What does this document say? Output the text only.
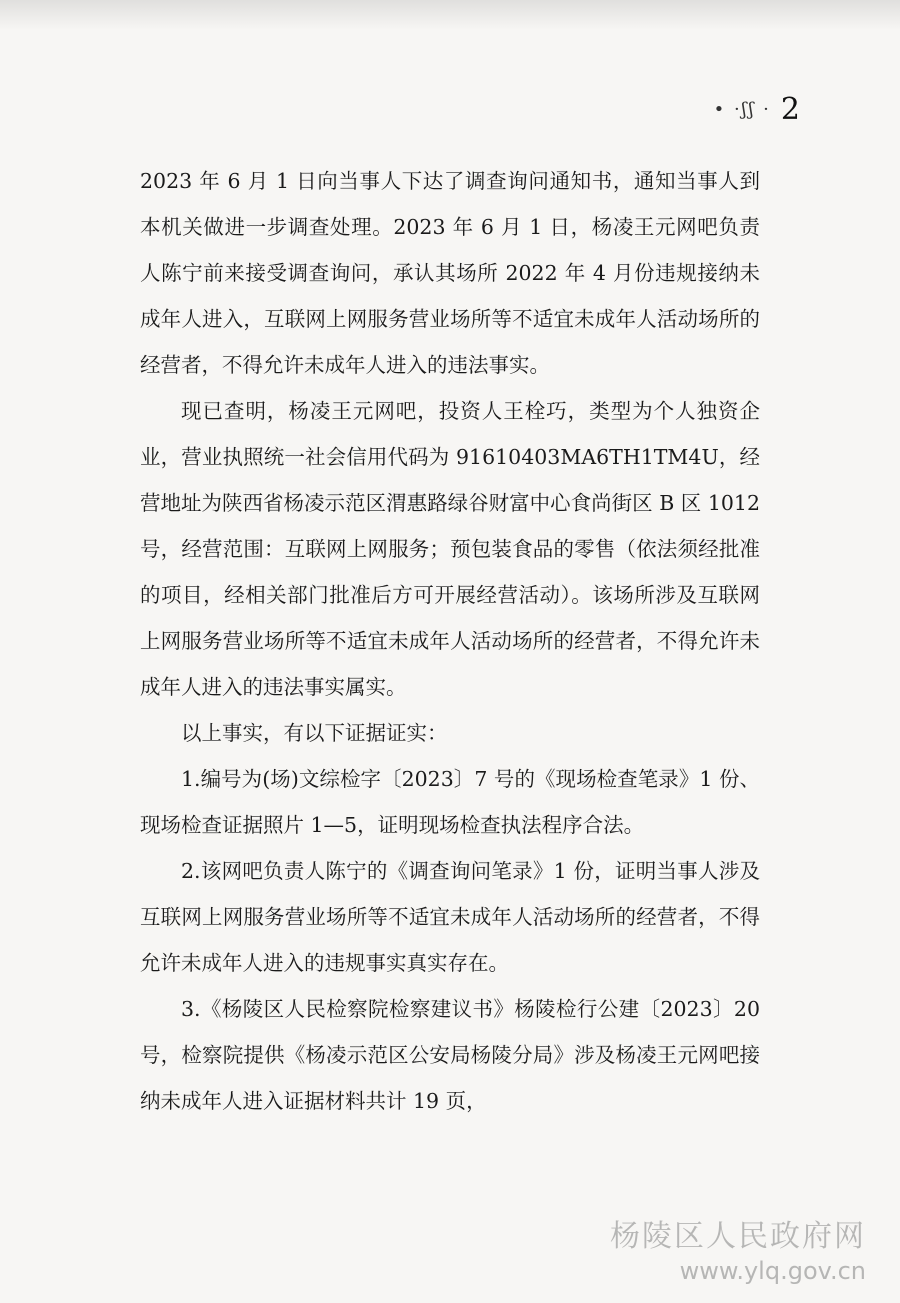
• ·ʃʃ · 2

2023 年 6 月 1 日向当事人下达了调查询问通知书，通知当事人到本机关做进一步调查处理。2023 年 6 月 1 日，杨凌王元网吧负责人陈宁前来接受调查询问，承认其场所 2022 年 4 月份违规接纳未成年人进入，互联网上网服务营业场所等不适宜未成年人活动场所的经营者，不得允许未成年人进入的违法事实。

现已查明，杨凌王元网吧，投资人王栓巧，类型为个人独资企业，营业执照统一社会信用代码为 91610403MA6TH1TM4U，经营地址为陕西省杨凌示范区渭惠路绿谷财富中心食尚街区 B 区 1012 号，经营范围：互联网上网服务；预包装食品的零售（依法须经批准的项目，经相关部门批准后方可开展经营活动）。该场所涉及互联网上网服务营业场所等不适宜未成年人活动场所的经营者，不得允许未成年人进入的违法事实属实。

以上事实，有以下证据证实：

1.编号为(场)文综检字〔2023〕7 号的《现场检查笔录》1 份、现场检查证据照片 1—5，证明现场检查执法程序合法。

2.该网吧负责人陈宁的《调查询问笔录》1 份，证明当事人涉及互联网上网服务营业场所等不适宜未成年人活动场所的经营者，不得允许未成年人进入的违规事实真实存在。

3.《杨陵区人民检察院检察建议书》杨陵检行公建〔2023〕20 号，检察院提供《杨凌示范区公安局杨陵分局》涉及杨凌王元网吧接纳未成年人进入证据材料共计 19 页，

杨陵区人民政府网
www.ylq.gov.cn
